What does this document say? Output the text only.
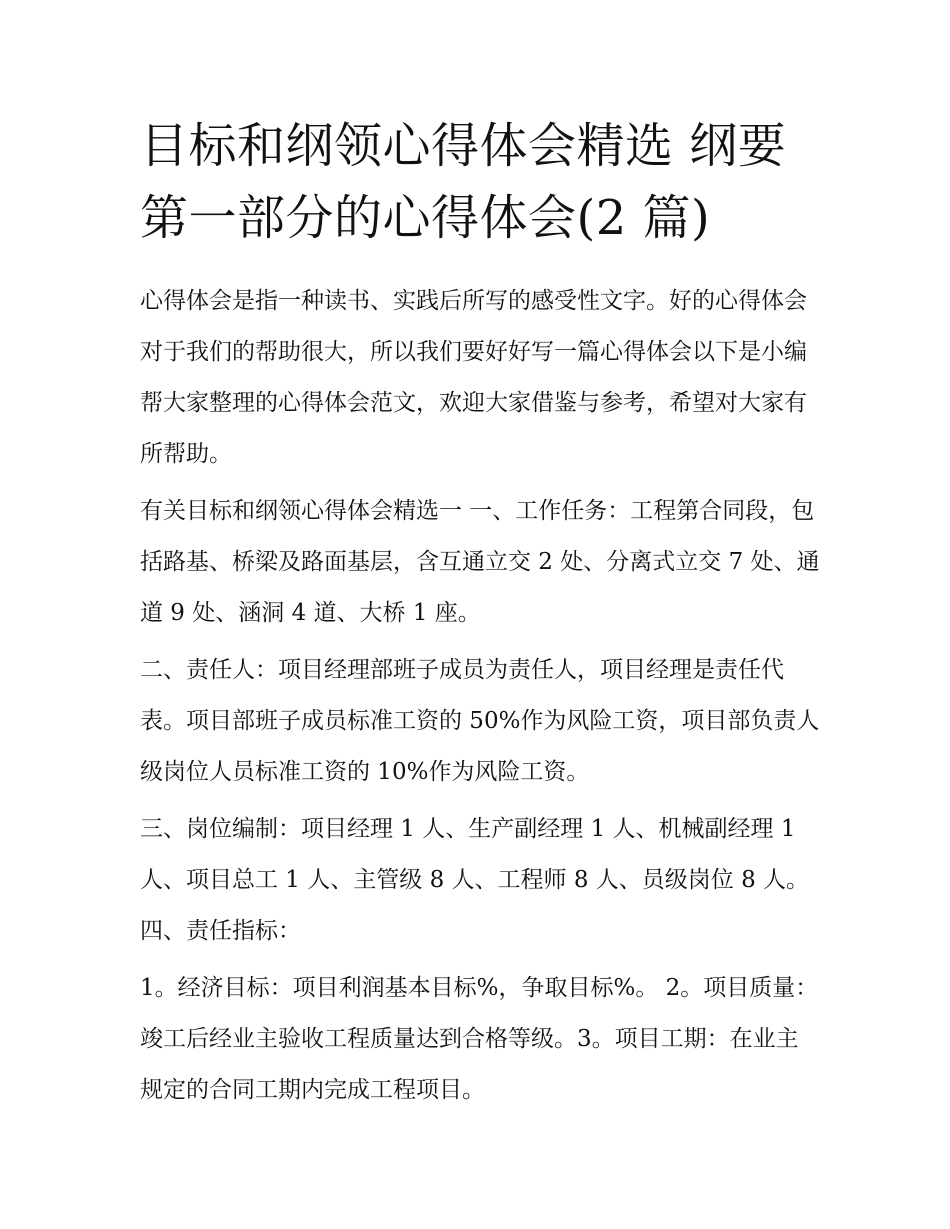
目标和纲领心得体会精选 纲要第一部分的心得体会(2 篇)

心得体会是指一种读书、实践后所写的感受性文字。好的心得体会对于我们的帮助很大，所以我们要好好写一篇心得体会以下是小编帮大家整理的心得体会范文，欢迎大家借鉴与参考，希望对大家有所帮助。

有关目标和纲领心得体会精选一 一、工作任务：工程第合同段，包括路基、桥梁及路面基层，含互通立交 2 处、分离式立交 7 处、通道 9 处、涵洞 4 道、大桥 1 座。

二、责任人：项目经理部班子成员为责任人，项目经理是责任代表。项目部班子成员标准工资的 50%作为风险工资，项目部负责人级岗位人员标准工资的 10%作为风险工资。

三、岗位编制：项目经理 1 人、生产副经理 1 人、机械副经理 1 人、项目总工 1 人、主管级 8 人、工程师 8 人、员级岗位 8 人。 四、责任指标：

1。经济目标：项目利润基本目标%，争取目标%。 2。项目质量：竣工后经业主验收工程质量达到合格等级。3。项目工期：在业主规定的合同工期内完成工程项目。
